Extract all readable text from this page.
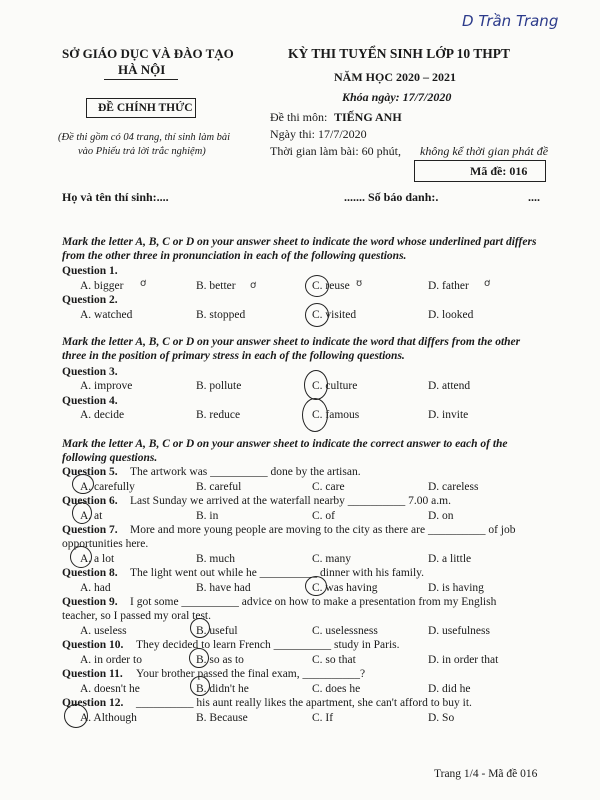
D Trần Trang
SỞ GIÁO DỤC VÀ ĐÀO TẠO
HÀ NỘI
ĐỀ CHÍNH THỨC
(Đề thi gồm có 04 trang, thí sinh làm bài
vào Phiếu trả lời trắc nghiệm)
KỲ THI TUYỂN SINH LỚP 10 THPT
NĂM HỌC 2020 – 2021
Khóa ngày: 17/7/2020
Đề thi môn: TIẾNG ANH
Ngày thi: 17/7/2020
Thời gian làm bài: 60 phút, không kể thời gian phát đề
Mã đề: 016
Họ và tên thí sinh:....	....... Số báo danh:.	....
Mark the letter A, B, C or D on your answer sheet to indicate the word whose underlined part differs from the other three in pronunciation in each of the following questions.
Question 1.
A. bigger	B. better	C. reuse	D. father
ơ	ơ	ʊ	ơ
Question 2.
A. watched	B. stopped	C. visited	D. looked
Mark the letter A, B, C or D on your answer sheet to indicate the word that differs from the other three in the position of primary stress in each of the following questions.
Question 3.
A. improve	B. pollute	C. culture	D. attend
Question 4.
A. decide	B. reduce	C. famous	D. invite
Mark the letter A, B, C or D on your answer sheet to indicate the correct answer to each of the following questions.
Question 5. The artwork was __________ done by the artisan.
A. carefully	B. careful	C. care	D. careless
Question 6. Last Sunday we arrived at the waterfall nearby __________ 7.00 a.m.
A. at	B. in	C. of	D. on
Question 7. More and more young people are moving to the city as there are __________ of job
opportunities here.
A. a lot	B. much	C. many	D. a little
Question 8. The light went out while he __________ dinner with his family.
A. had	B. have had	C. was having	D. is having
Question 9. I got some __________ advice on how to make a presentation from my English
teacher, so I passed my oral test.
A. useless	B. useful	C. uselessness	D. usefulness
Question 10. They decided to learn French __________ study in Paris.
A. in order to	B. so as to	C. so that	D. in order that
Question 11. Your brother passed the final exam, __________?
A. doesn't he	B. didn't he	C. does he	D. did he
Question 12. __________ his aunt really likes the apartment, she can't afford to buy it.
A. Although	B. Because	C. If	D. So
Trang 1/4 - Mã đề 016
